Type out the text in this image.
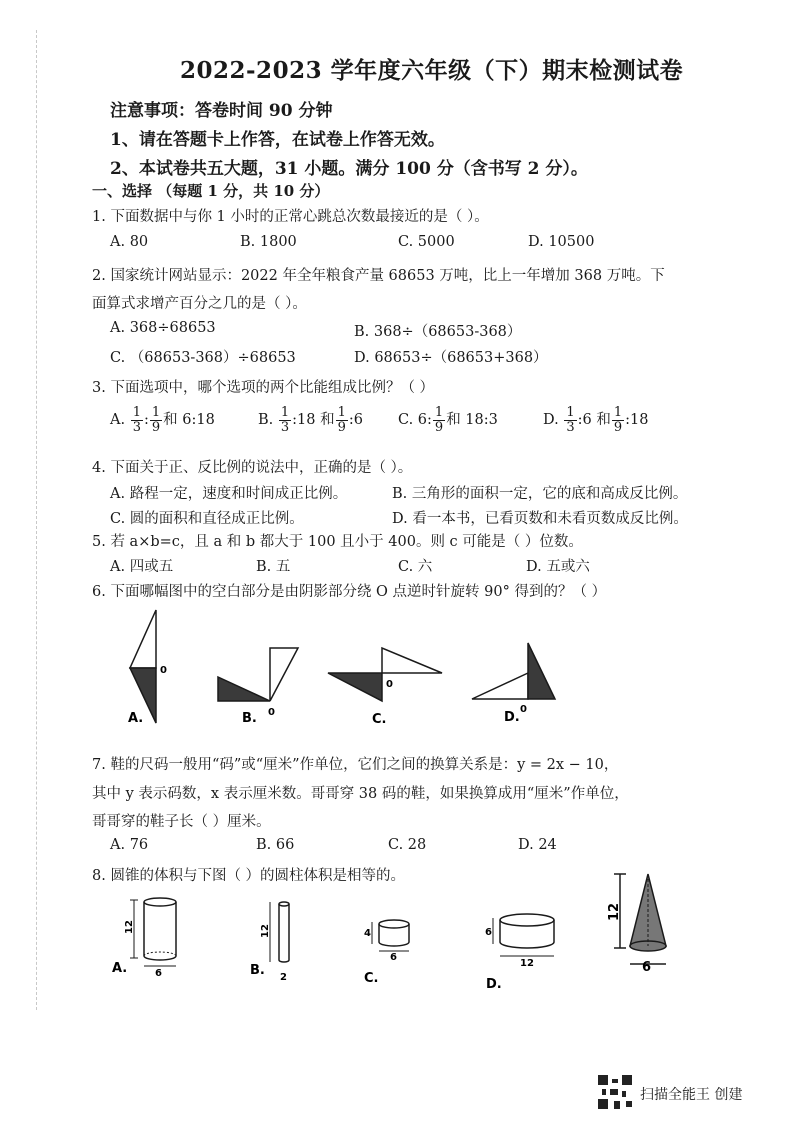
2022-2023 学年度六年级（下）期末检测试卷
注意事项：答卷时间 90 分钟
1、请在答题卡上作答，在试卷上作答无效。
2、本试卷共五大题，31 小题。满分 100 分（含书写 2 分）。
一、选择 （每题 1 分，共 10 分）
1. 下面数据中与你 1 小时的正常心跳总次数最接近的是（ ）。
A. 80	B. 1800	C. 5000	D. 10500
2. 国家统计网站显示：2022 年全年粮食产量 68653 万吨，比上一年增加 368 万吨。下
面算式求增产百分之几的是（ ）。
A. 368÷68653	B. 368÷（68653-368）
C. （68653-368）÷68653	D. 68653÷（68653+368）
3. 下面选项中，哪个选项的两个比能组成比例？（ ）
A. $\frac{1}{3}$ : $\frac{1}{9}$ 和 6:18	B. $\frac{1}{3}$ :18 和 $\frac{1}{9}$ :6 C. 6: $\frac{1}{9}$ 和 18:3	D. $\frac{1}{3}$ :6 和 $\frac{1}{9}$ :18
4. 下面关于正、反比例的说法中，正确的是（ ）。
A. 路程一定，速度和时间成正比例。	B. 三角形的面积一定，它的底和高成反比例。
C. 圆的面积和直径成正比例。	D. 看一本书，已看页数和未看页数成反比例。
5. 若 a×b=c，且 a 和 b 都大于 100 且小于 400。则 c 可能是（ ）位数。
A. 四或五	B. 五	C. 六	D. 五或六
6. 下面哪幅图中的空白部分是由阴影部分绕 O 点逆时针旋转 90° 得到的？（ ）
0
A.	0
B.
0
C.
0
D.
7. 鞋的尺码一般用“码”或“厘米”作单位，它们之间的换算关系是：y = 2x − 10，
其中 y 表示码数，x 表示厘米数。哥哥穿 38 码的鞋，如果换算成用“厘米”作单位，
哥哥穿的鞋子长（ ）厘米。
A. 76	B. 66	C. 28	D. 24
8. 圆锥的体积与下图（ ）的圆柱体积是相等的。
12
6
A.
12
2
B.
4
6
C.
6
12
D.
12
6
扫描全能王 创建
